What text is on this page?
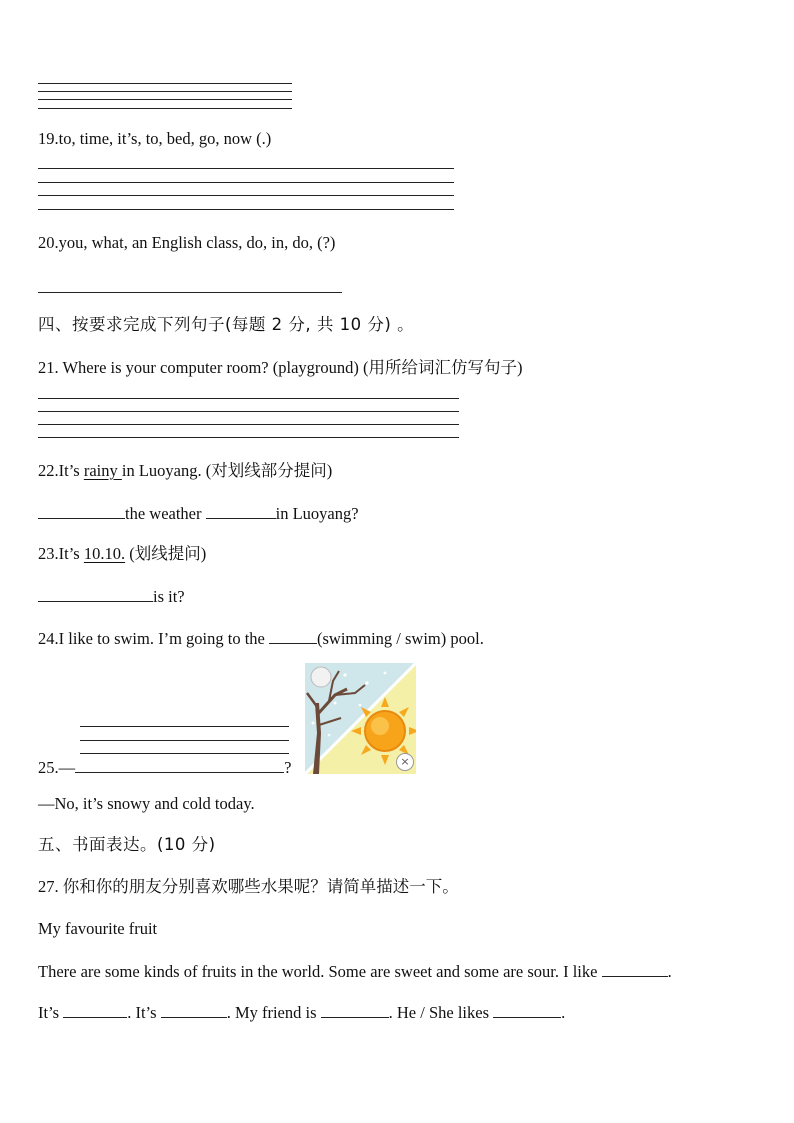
19.to, time, it’s, to, bed, go, now (.)
20.you, what, an English class, do, in, do, (?)
四、按要求完成下列句子(每题 2 分, 共 10 分) 。
21. Where is your computer room? (playground) (用所给词汇仿写句子)
22.It’s rainy in Luoyang. (对划线部分提问)
the weather	in Luoyang?
23.It’s 10.10. (划线提问)
is it?
24.I like to swim. I’m going to the	(swimming / swim) pool.
25.—	?	×
—No, it’s snowy and cold today.
五、书面表达。(10 分)
27. 你和你的朋友分别喜欢哪些水果呢？请简单描述一下。
My favourite fruit
There are some kinds of fruits in the world. Some are sweet and some are sour. I like	.
It’s	. It’s	. My friend is	. He / She likes	.
